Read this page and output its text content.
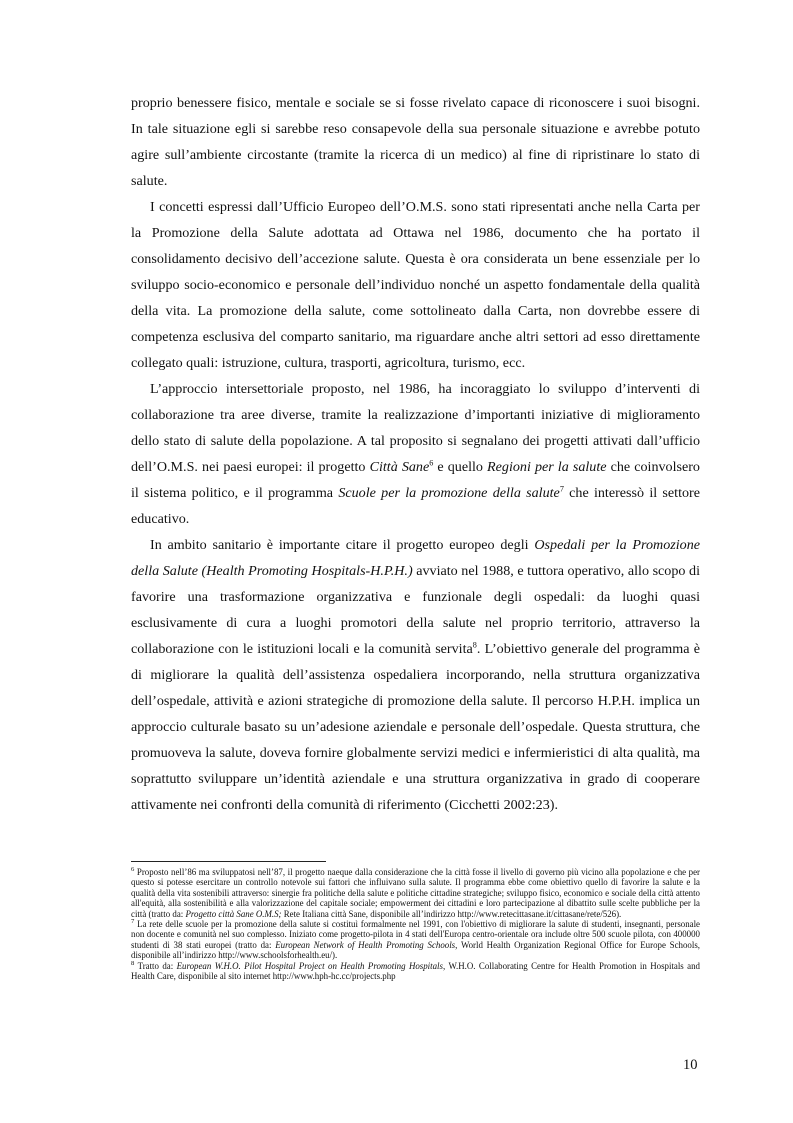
proprio benessere fisico, mentale e sociale se si fosse rivelato capace di riconoscere i suoi bisogni. In tale situazione egli si sarebbe reso consapevole della sua personale situazione e avrebbe potuto agire sull’ambiente circostante (tramite la ricerca di un medico) al fine di ripristinare lo stato di salute.

I concetti espressi dall’Ufficio Europeo dell’O.M.S. sono stati ripresentati anche nella Carta per la Promozione della Salute adottata ad Ottawa nel 1986, documento che ha portato il consolidamento decisivo dell’accezione salute. Questa è ora considerata un bene essenziale per lo sviluppo socio-economico e personale dell’individuo nonché un aspetto fondamentale della qualità della vita. La promozione della salute, come sottolineato dalla Carta, non dovrebbe essere di competenza esclusiva del comparto sanitario, ma riguardare anche altri settori ad esso direttamente collegato quali: istruzione, cultura, trasporti, agricoltura, turismo, ecc.

L’approccio intersettoriale proposto, nel 1986, ha incoraggiato lo sviluppo d’interventi di collaborazione tra aree diverse, tramite la realizzazione d’importanti iniziative di miglioramento dello stato di salute della popolazione. A tal proposito si segnalano dei progetti attivati dall’ufficio dell’O.M.S. nei paesi europei: il progetto Città Sane$^6$ e quello Regioni per la salute che coinvolsero il sistema politico, e il programma Scuole per la promozione della salute$^7$ che interessò il settore educativo.

In ambito sanitario è importante citare il progetto europeo degli Ospedali per la Promozione della Salute (Health Promoting Hospitals-H.P.H.) avviato nel 1988, e tuttora operativo, allo scopo di favorire una trasformazione organizzativa e funzionale degli ospedali: da luoghi quasi esclusivamente di cura a luoghi promotori della salute nel proprio territorio, attraverso la collaborazione con le istituzioni locali e la comunità servita$^8$. L’obiettivo generale del programma è di migliorare la qualità dell’assistenza ospedaliera incorporando, nella struttura organizzativa dell’ospedale, attività e azioni strategiche di promozione della salute. Il percorso H.P.H. implica un approccio culturale basato su un’adesione aziendale e personale dell’ospedale. Questa struttura, che promuoveva la salute, doveva fornire globalmente servizi medici e infermieristici di alta qualità, ma soprattutto sviluppare un’identità aziendale e una struttura organizzativa in grado di cooperare attivamente nei confronti della comunità di riferimento (Cicchetti 2002:23).

$^6$ Proposto nell’86 ma sviluppatosi nell’87, il progetto naeque dalla considerazione che la città fosse il livello di governo più vicino alla popolazione e che per questo si potesse esercitare un controllo notevole sui fattori che influivano sulla salute. Il programma ebbe come obiettivo quello di favorire la salute e la qualità della vita sostenibili attraverso: sinergie fra politiche della salute e politiche cittadine strategiche; sviluppo fisico, economico e sociale della città attento all'equità, alla sostenibilità e alla valorizzazione del capitale sociale; empowerment dei cittadini e loro partecipazione al dibattito sulle scelte pubbliche per la città (tratto da: Progetto città Sane O.M.S; Rete Italiana città Sane, disponibile all’indirizzo http://www.retecittasane.it/cittasane/rete/526).

$^7$ La rete delle scuole per la promozione della salute si costituì formalmente nel 1991, con l'obiettivo di migliorare la salute di studenti, insegnanti, personale non docente e comunità nel suo complesso. Iniziato come progetto-pilota in 4 stati dell'Europa centro-orientale ora include oltre 500 scuole pilota, con 400000 studenti di 38 stati europei (tratto da: European Network of Health Promoting Schools, World Health Organization Regional Office for Europe Schools, disponibile all’indirizzo http://www.schoolsforhealth.eu/).

$^8$ Tratto da: European W.H.O. Pilot Hospital Project on Health Promoting Hospitals, W.H.O. Collaborating Centre for Health Promotion in Hospitals and Health Care, disponibile al sito internet http://www.hph-hc.cc/projects.php

10
